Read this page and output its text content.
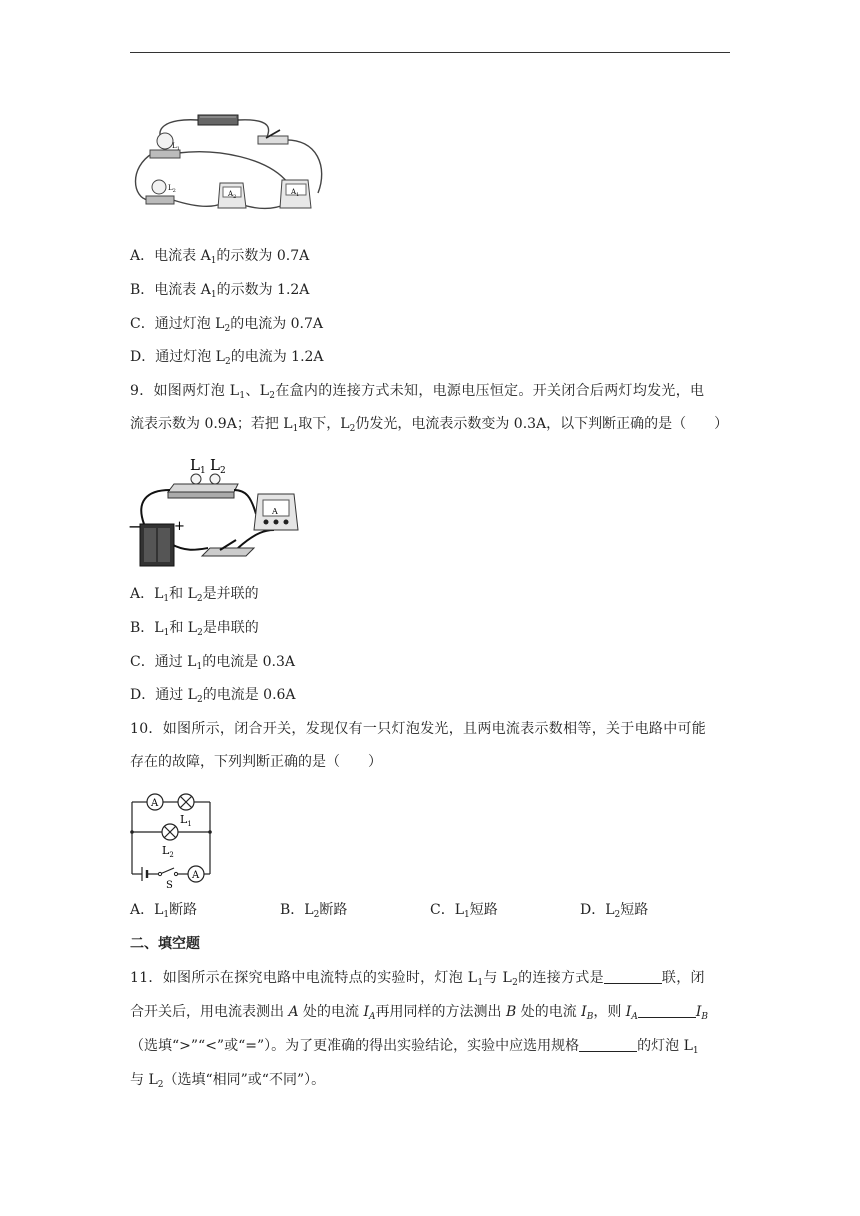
$L_1$
$L_2$	$A_2$
$A_1$
A．电流表 $A_1$的示数为 0.7A
B．电流表 $A_1$的示数为 1.2A
C．通过灯泡 $L_2$的电流为 0.7A
D．通过灯泡 $L_2$的电流为 1.2A
9．如图两灯泡 $L_1$、$L_2$在盒内的连接方式未知，电源电压恒定。开关闭合后两灯均发光，电
流表示数为 0.9A；若把 $L_1$取下，$L_2$仍发光，电流表示数变为 0.3A，以下判断正确的是（　　）
$L_1$ $L_2$
−	+
A
A．$L_1$和 $L_2$是并联的
B．$L_1$和 $L_2$是串联的
C．通过 $L_1$的电流是 0.3A
D．通过 $L_2$的电流是 0.6A
10．如图所示，闭合开关，发现仅有一只灯泡发光，且两电流表示数相等，关于电路中可能
存在的故障，下列判断正确的是（　　）
A
A
$L_1$
$L_2$
S
A．$L_1$断路	B．$L_2$断路	C．$L_1$短路	D．$L_2$短路
二、填空题
11．如图所示在探究电路中电流特点的实验时，灯泡 $L_1$与 $L_2$的连接方式是	联，闭
合开关后，用电流表测出 A 处的电流 $I_A$再用同样的方法测出 B 处的电流 $I_B$，则 $I_A$	$I_B$
（选填“>”“<”或“=”）。为了更准确的得出实验结论，实验中应选用规格	的灯泡 $L_1$
与 $L_2$（选填“相同”或“不同”）。
